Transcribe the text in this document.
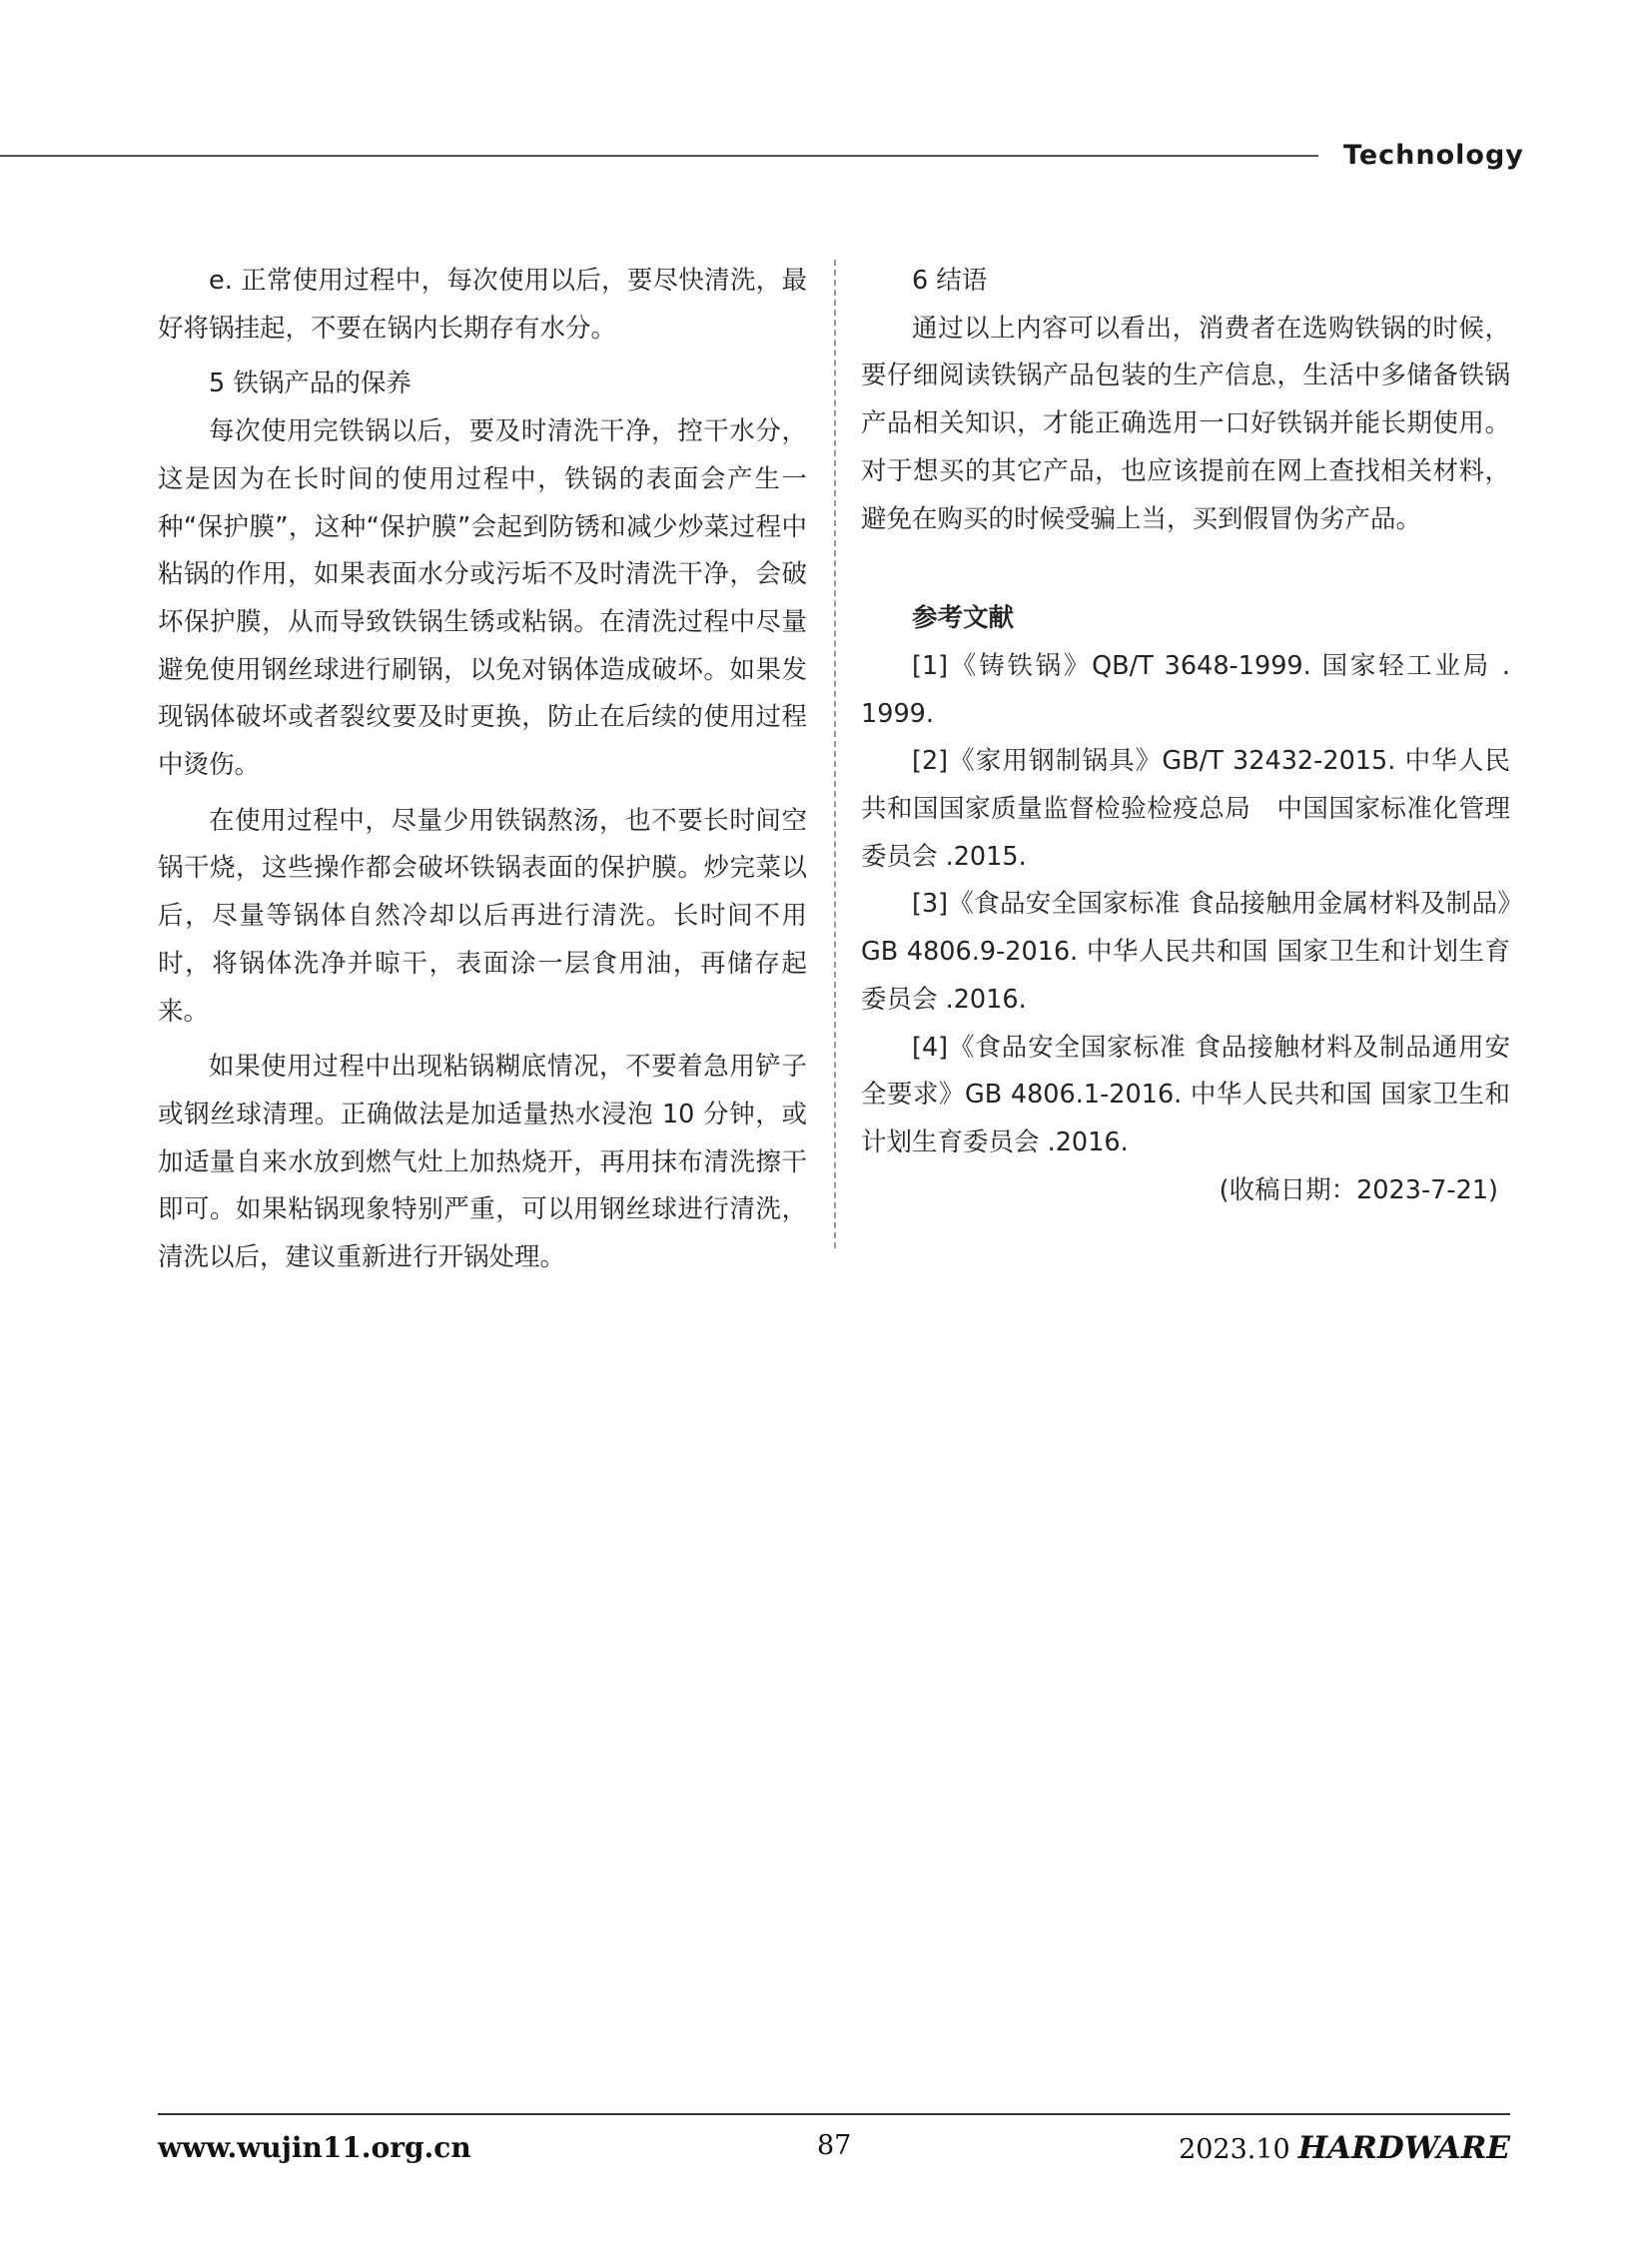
Technology

e. 正常使用过程中，每次使用以后，要尽快清洗，最好将锅挂起，不要在锅内长期存有水分。

5 铁锅产品的保养

每次使用完铁锅以后，要及时清洗干净，控干水分，这是因为在长时间的使用过程中，铁锅的表面会产生一种“保护膜”，这种“保护膜”会起到防锈和减少炒菜过程中粘锅的作用，如果表面水分或污垢不及时清洗干净，会破坏保护膜，从而导致铁锅生锈或粘锅。在清洗过程中尽量避免使用钢丝球进行刷锅，以免对锅体造成破坏。如果发现锅体破坏或者裂纹要及时更换，防止在后续的使用过程中烫伤。

在使用过程中，尽量少用铁锅熬汤，也不要长时间空锅干烧，这些操作都会破坏铁锅表面的保护膜。炒完菜以后，尽量等锅体自然冷却以后再进行清洗。长时间不用时，将锅体洗净并晾干，表面涂一层食用油，再储存起来。

如果使用过程中出现粘锅糊底情况，不要着急用铲子或钢丝球清理。正确做法是加适量热水浸泡 10 分钟，或加适量自来水放到燃气灶上加热烧开，再用抹布清洗擦干即可。如果粘锅现象特别严重，可以用钢丝球进行清洗，清洗以后，建议重新进行开锅处理。

6 结语

通过以上内容可以看出，消费者在选购铁锅的时候，要仔细阅读铁锅产品包装的生产信息，生活中多储备铁锅产品相关知识，才能正确选用一口好铁锅并能长期使用。对于想买的其它产品，也应该提前在网上查找相关材料，避免在购买的时候受骗上当，买到假冒伪劣产品。

参考文献

[1]《铸铁锅》QB/T 3648-1999. 国家轻工业局 . 1999.

[2]《家用钢制锅具》GB/T 32432-2015. 中华人民共和国国家质量监督检验检疫总局　中国国家标准化管理委员会 .2015.

[3]《食品安全国家标准 食品接触用金属材料及制品》GB 4806.9-2016. 中华人民共和国 国家卫生和计划生育委员会 .2016.

[4]《食品安全国家标准 食品接触材料及制品通用安全要求》GB 4806.1-2016. 中华人民共和国 国家卫生和计划生育委员会 .2016.

(收稿日期：2023-7-21)

www.wujin11.org.cn	87	2023.10 HARDWARE
